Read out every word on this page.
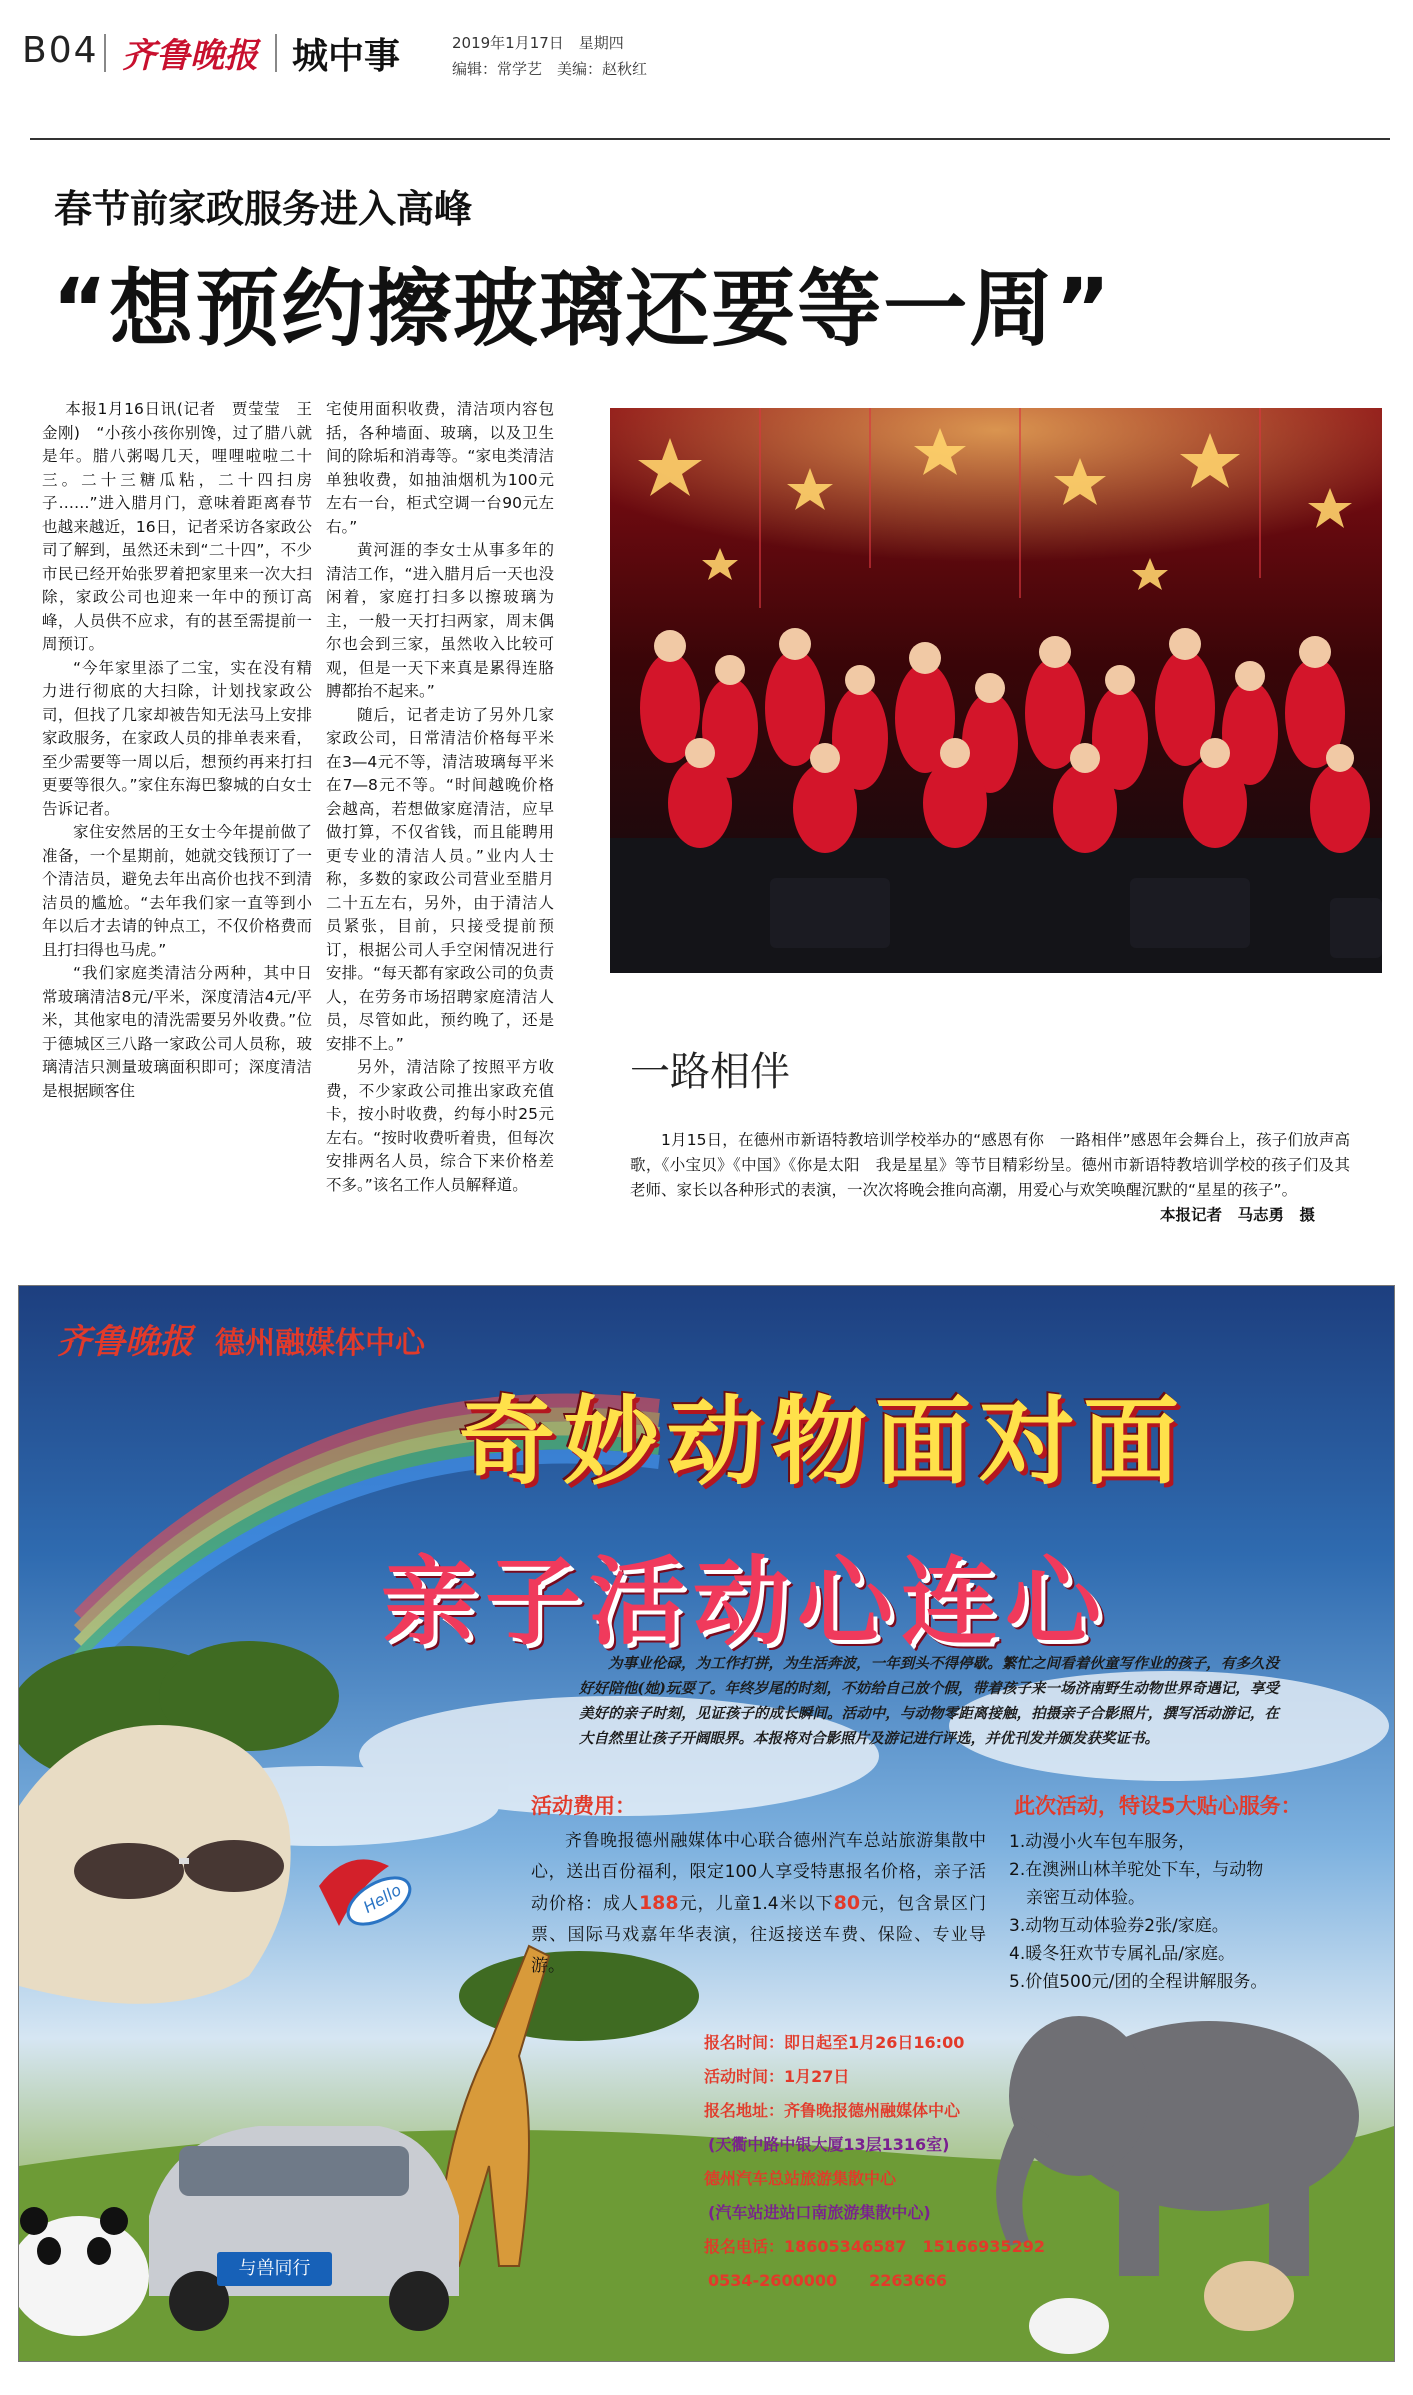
B04 齐鲁晚报 城中事	2019年1月17日　星期四
编辑：常学艺　美编：赵秋红
春节前家政服务进入高峰
“想预约擦玻璃还要等一周”

本报1月16日讯(记者　贾莹莹　王金刚)　“小孩小孩你别馋，过了腊八就是年。腊八粥喝几天，哩哩啦啦二十三。二十三糖瓜粘，二十四扫房子……”进入腊月门，意味着距离春节也越来越近，16日，记者采访各家政公司了解到，虽然还未到“二十四”，不少市民已经开始张罗着把家里来一次大扫除，家政公司也迎来一年中的预订高峰，人员供不应求，有的甚至需提前一周预订。

“今年家里添了二宝，实在没有精力进行彻底的大扫除，计划找家政公司，但找了几家却被告知无法马上安排家政服务，在家政人员的排单表来看，至少需要等一周以后，想预约再来打扫更要等很久。”家住东海巴黎城的白女士告诉记者。

家住安然居的王女士今年提前做了准备，一个星期前，她就交钱预订了一个清洁员，避免去年出高价也找不到清洁员的尴尬。“去年我们家一直等到小年以后才去请的钟点工，不仅价格费而且打扫得也马虎。”

“我们家庭类清洁分两种，其中日常玻璃清洁8元/平米，深度清洁4元/平米，其他家电的清洗需要另外收费。”位于德城区三八路一家政公司人员称，玻璃清洁只测量玻璃面积即可；深度清洁是根据顾客住

宅使用面积收费，清洁项内容包括，各种墙面、玻璃，以及卫生间的除垢和消毒等。“家电类清洁单独收费，如抽油烟机为100元左右一台，柜式空调一台90元左右。”

黄河涯的李女士从事多年的清洁工作，“进入腊月后一天也没闲着，家庭打扫多以擦玻璃为主，一般一天打扫两家，周末偶尔也会到三家，虽然收入比较可观，但是一天下来真是累得连胳膊都抬不起来。”

随后，记者走访了另外几家家政公司，日常清洁价格每平米在3—4元不等，清洁玻璃每平米在7—8元不等。“时间越晚价格会越高，若想做家庭清洁，应早做打算，不仅省钱，而且能聘用更专业的清洁人员。”业内人士称，多数的家政公司营业至腊月二十五左右，另外，由于清洁人员紧张，目前，只接受提前预订，根据公司人手空闲情况进行安排。“每天都有家政公司的负责人，在劳务市场招聘家庭清洁人员，尽管如此，预约晚了，还是安排不上。”

另外，清洁除了按照平方收费，不少家政公司推出家政充值卡，按小时收费，约每小时25元左右。“按时收费听着贵，但每次安排两名人员，综合下来价格差不多。”该名工作人员解释道。

一路相伴
1月15日，在德州市新语特教培训学校举办的“感恩有你　一路相伴”感恩年会舞台上，孩子们放声高歌，《小宝贝》《中国》《你是太阳　我是星星》等节目精彩纷呈。德州市新语特教培训学校的孩子们及其老师、家长以各种形式的表演，一次次将晚会推向高潮，用爱心与欢笑唤醒沉默的“星星的孩子”。
本报记者　马志勇　摄
齐鲁晚报 德州融媒体中心
奇妙动物面对面
亲子活动心连心
为事业伦碌，为工作打拼，为生活奔波，一年到头不得停歇。繁忙之间看着伙童写作业的孩子，有多久没好好陪他(她)玩耍了。年终岁尾的时刻，不妨给自己放个假，带着孩子来一场济南野生动物世界奇遇记，享受美好的亲子时刻，见证孩子的成长瞬间。活动中，与动物零距离接触，拍摄亲子合影照片，撰写活动游记，在大自然里让孩子开阔眼界。本报将对合影照片及游记进行评选，并优刊发并颁发获奖证书。
活动费用：
齐鲁晚报德州融媒体中心联合德州汽车总站旅游集散中心，送出百份福利，限定100人享受特惠报名价格，亲子活动价格：成人188元，儿童1.4米以下80元，包含景区门票、国际马戏嘉年华表演，往返接送车费、保险、专业导游。
此次活动，特设5大贴心服务：
1.动漫小火车包车服务，
2.在澳洲山林羊驼处下车，与动物
　亲密互动体验。
3.动物互动体验券2张/家庭。
4.暖冬狂欢节专属礼品/家庭。
5.价值500元/团的全程讲解服务。
报名时间：即日起至1月26日16:00
活动时间：1月27日
报名地址：齐鲁晚报德州融媒体中心
(天衢中路中银大厦13层1316室)
德州汽车总站旅游集散中心
(汽车站进站口南旅游集散中心)
报名电话：18605346587　 15166935292
0534-2600000　　 2263666
与兽同行
Hello
